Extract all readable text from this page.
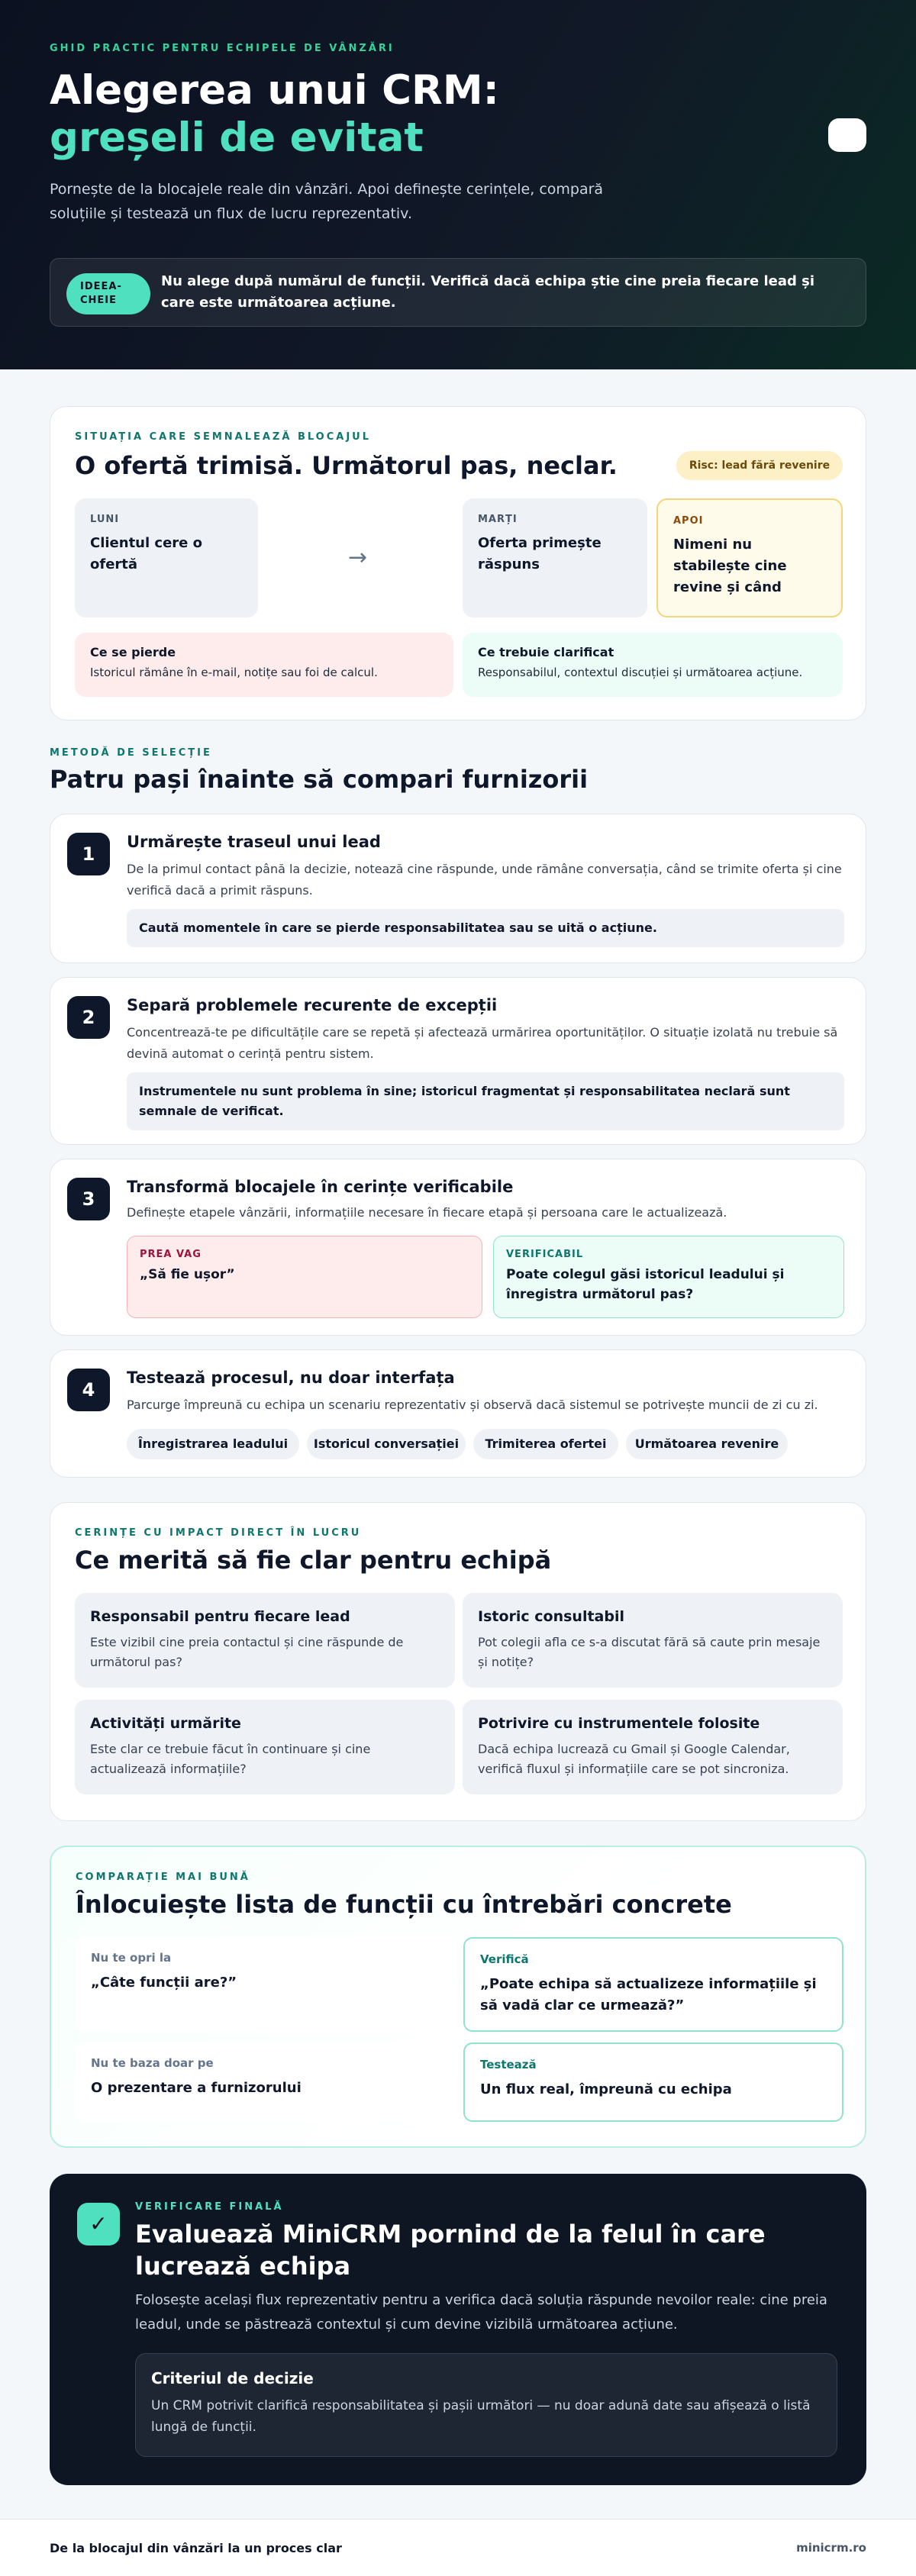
GHID PRACTIC PENTRU ECHIPELE DE VÂNZĂRI
Alegerea unui CRM: greșeli de evitat

Pornește de la blocajele reale din vânzări. Apoi definește cerințele, compară soluțiile și testează un flux de lucru reprezentativ.

IDEEA-CHEIE
Nu alege după numărul de funcții. Verifică dacă echipa știe cine preia fiecare lead și care este următoarea acțiune.
SITUAȚIA CARE SEMNALEAZĂ BLOCAJUL
O ofertă trimisă. Următorul pas, neclar.	Risc: lead fără revenire
LUNI
Clientul cere o ofertă	→
MARȚI
Oferta primește răspuns
APOI
Nimeni nu stabilește cine revine și când
Ce se pierde
Istoricul rămâne în e-mail, notițe sau foi de calcul.
Ce trebuie clarificat
Responsabilul, contextul discuției și următoarea acțiune.
METODĂ DE SELECȚIE
Patru pași înainte să compari furnizorii
1
Urmărește traseul unui lead
De la primul contact până la decizie, notează cine răspunde, unde rămâne conversația, când se trimite oferta și cine verifică dacă a primit răspuns.
Caută momentele în care se pierde responsabilitatea sau se uită o acțiune.
2
Separă problemele recurente de excepții
Concentrează-te pe dificultățile care se repetă și afectează urmărirea oportunităților. O situație izolată nu trebuie să devină automat o cerință pentru sistem.
Instrumentele nu sunt problema în sine; istoricul fragmentat și responsabilitatea neclară sunt semnale de verificat.
3
Transformă blocajele în cerințe verificabile
Definește etapele vânzării, informațiile necesare în fiecare etapă și persoana care le actualizează.
PREA VAG
„Să fie ușor”
VERIFICABIL
Poate colegul găsi istoricul leadului și înregistra următorul pas?
4
Testează procesul, nu doar interfața
Parcurge împreună cu echipa un scenariu reprezentativ și observă dacă sistemul se potrivește muncii de zi cu zi.
Înregistrarea leadului	Istoricul conversației	Trimiterea ofertei	Următoarea revenire
CERINȚE CU IMPACT DIRECT ÎN LUCRU
Ce merită să fie clar pentru echipă
Responsabil pentru fiecare lead
Este vizibil cine preia contactul și cine răspunde de următorul pas?
Istoric consultabil
Pot colegii afla ce s-a discutat fără să caute prin mesaje și notițe?
Activități urmărite
Este clar ce trebuie făcut în continuare și cine actualizează informațiile?
Potrivire cu instrumentele folosite
Dacă echipa lucrează cu Gmail și Google Calendar, verifică fluxul și informațiile care se pot sincroniza.
COMPARAȚIE MAI BUNĂ
Înlocuiește lista de funcții cu întrebări concrete
Nu te opri la
„Câte funcții are?”
Verifică
„Poate echipa să actualizeze informațiile și să vadă clar ce urmează?”
Nu te baza doar pe
O prezentare a furnizorului
Testează
Un flux real, împreună cu echipa
✓
VERIFICARE FINALĂ
Evaluează MiniCRM pornind de la felul în care lucrează echipa

Folosește același flux reprezentativ pentru a verifica dacă soluția răspunde nevoilor reale: cine preia leadul, unde se păstrează contextul și cum devine vizibilă următoarea acțiune.

Criteriul de decizie
Un CRM potrivit clarifică responsabilitatea și pașii următori — nu doar adună date sau afișează o listă lungă de funcții.
De la blocajul din vânzări la un proces clar	minicrm.ro
